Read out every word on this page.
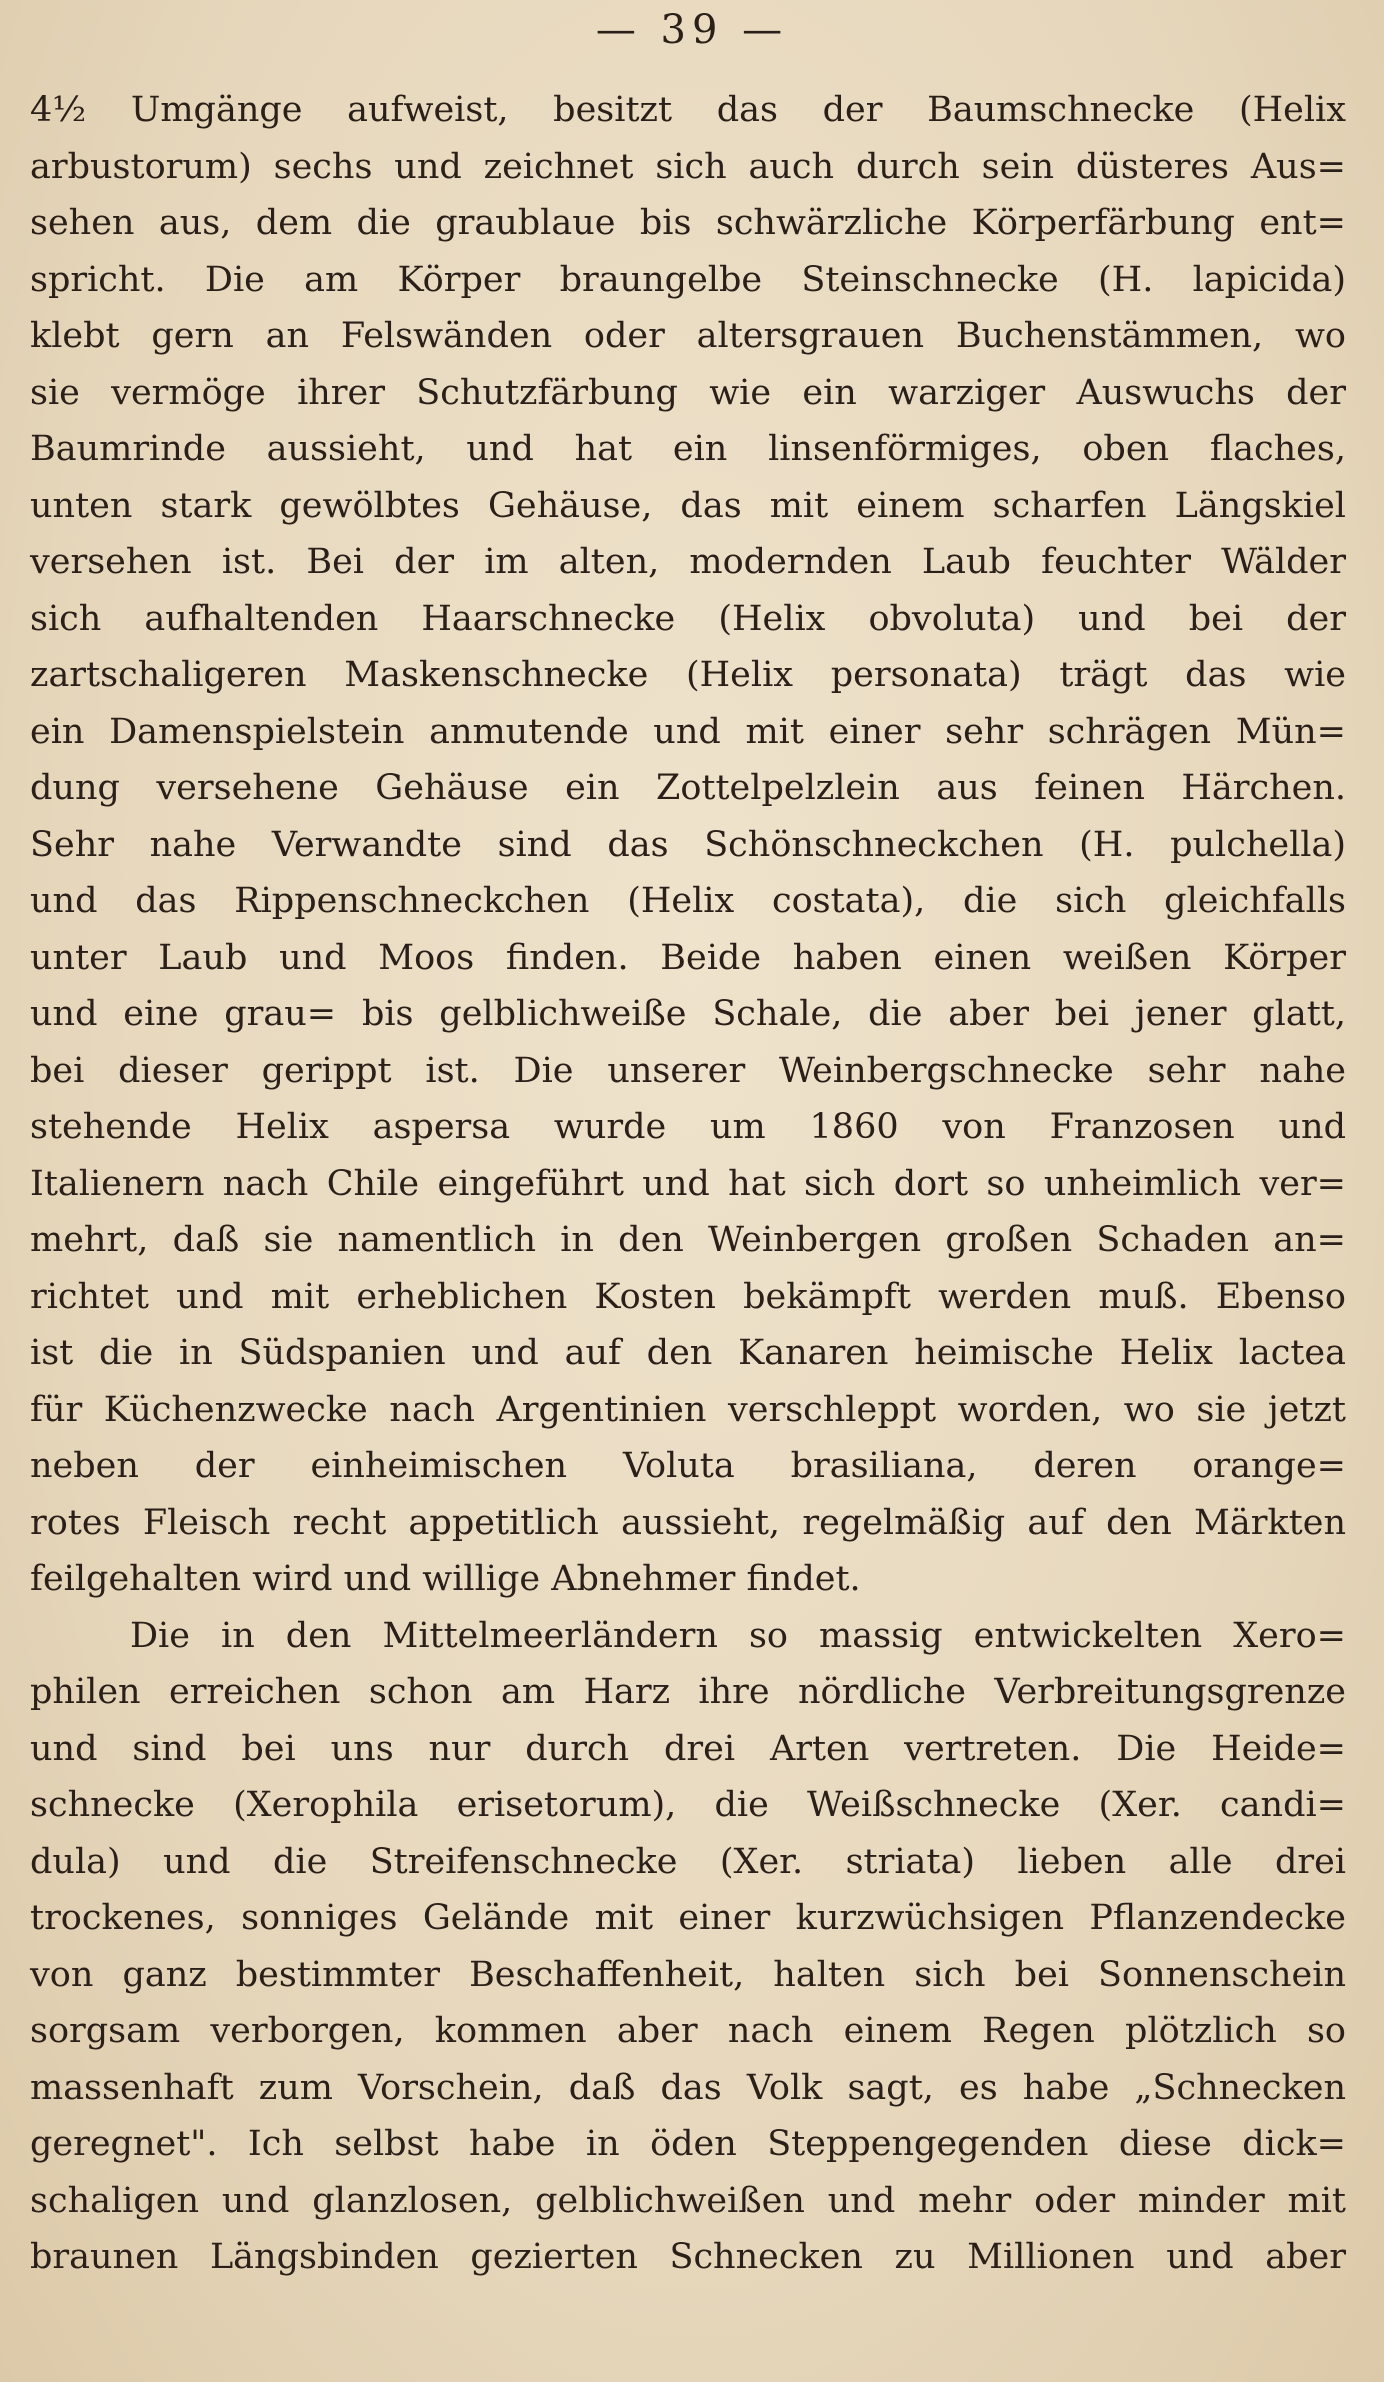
— 39 —
4½ Umgänge aufweist, besitzt das der Baumschnecke (Helix
arbustorum) sechs und zeichnet sich auch durch sein düsteres Aus=
sehen aus, dem die graublaue bis schwärzliche Körperfärbung ent=
spricht. Die am Körper braungelbe Steinschnecke (H. lapicida)
klebt gern an Felswänden oder altersgrauen Buchenstämmen, wo
sie vermöge ihrer Schutzfärbung wie ein warziger Auswuchs der
Baumrinde aussieht, und hat ein linsenförmiges, oben flaches,
unten stark gewölbtes Gehäuse, das mit einem scharfen Längskiel
versehen ist. Bei der im alten, modernden Laub feuchter Wälder
sich aufhaltenden Haarschnecke (Helix obvoluta) und bei der
zartschaligeren Maskenschnecke (Helix personata) trägt das wie
ein Damenspielstein anmutende und mit einer sehr schrägen Mün=
dung versehene Gehäuse ein Zottelpelzlein aus feinen Härchen.
Sehr nahe Verwandte sind das Schönschneckchen (H. pulchella)
und das Rippenschneckchen (Helix costata), die sich gleichfalls
unter Laub und Moos finden. Beide haben einen weißen Körper
und eine grau= bis gelblichweiße Schale, die aber bei jener glatt,
bei dieser gerippt ist. Die unserer Weinbergschnecke sehr nahe
stehende Helix aspersa wurde um 1860 von Franzosen und
Italienern nach Chile eingeführt und hat sich dort so unheimlich ver=
mehrt, daß sie namentlich in den Weinbergen großen Schaden an=
richtet und mit erheblichen Kosten bekämpft werden muß. Ebenso
ist die in Südspanien und auf den Kanaren heimische Helix lactea
für Küchenzwecke nach Argentinien verschleppt worden, wo sie jetzt
neben der einheimischen Voluta brasiliana, deren orange=
rotes Fleisch recht appetitlich aussieht, regelmäßig auf den Märkten
feilgehalten wird und willige Abnehmer findet.
Die in den Mittelmeerländern so massig entwickelten Xero=
philen erreichen schon am Harz ihre nördliche Verbreitungsgrenze
und sind bei uns nur durch drei Arten vertreten. Die Heide=
schnecke (Xerophila erisetorum), die Weißschnecke (Xer. candi=
dula) und die Streifenschnecke (Xer. striata) lieben alle drei
trockenes, sonniges Gelände mit einer kurzwüchsigen Pflanzendecke
von ganz bestimmter Beschaffenheit, halten sich bei Sonnenschein
sorgsam verborgen, kommen aber nach einem Regen plötzlich so
massenhaft zum Vorschein, daß das Volk sagt, es habe „Schnecken
geregnet". Ich selbst habe in öden Steppengegenden diese dick=
schaligen und glanzlosen, gelblichweißen und mehr oder minder mit
braunen Längsbinden gezierten Schnecken zu Millionen und aber
